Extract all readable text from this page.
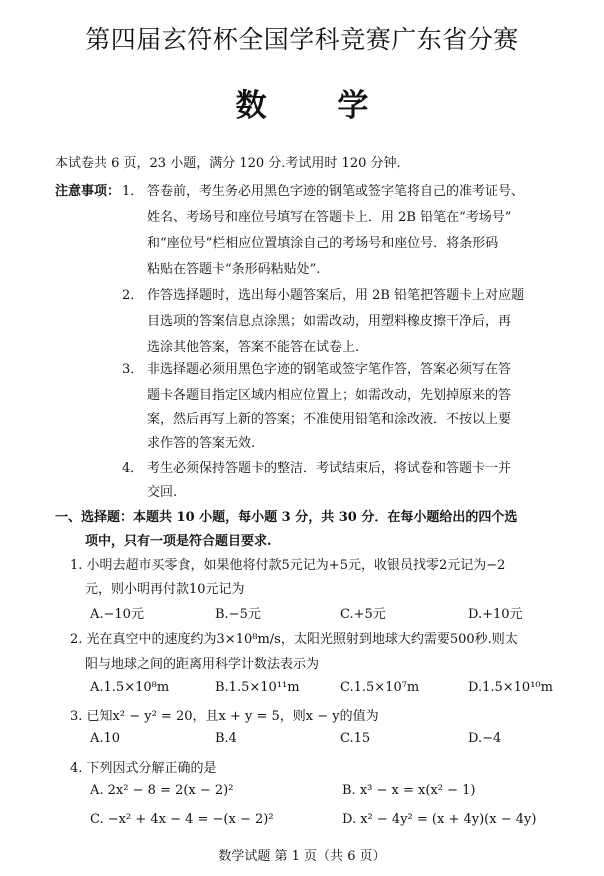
第四届玄符杯全国学科竞赛广东省分赛
数 学
本试卷共 6 页，23 小题，满分 120 分.考试用时 120 分钟.
注意事项： 1． 答卷前，考生务必用黑色字迹的钢笔或签字笔将自己的准考证号、
姓名、考场号和座位号填写在答题卡上．用 2B 铅笔在“考场号”
和“座位号”栏相应位置填涂自己的考场号和座位号．将条形码
粘贴在答题卡“条形码粘贴处”.
2． 作答选择题时，选出每小题答案后，用 2B 铅笔把答题卡上对应题
目选项的答案信息点涂黑；如需改动，用塑料橡皮擦干净后，再
选涂其他答案，答案不能答在试卷上.
3． 非选择题必须用黑色字迹的钢笔或签字笔作答，答案必须写在答
题卡各题目指定区域内相应位置上；如需改动，先划掉原来的答
案，然后再写上新的答案；不准使用铅笔和涂改液．不按以上要
求作答的答案无效.
4． 考生必须保持答题卡的整洁．考试结束后，将试卷和答题卡一并
交回.
一、选择题：本题共 10 小题，每小题 3 分，共 30 分．在每小题给出的四个选
项中，只有一项是符合题目要求.
1. 小明去超市买零食，如果他将付款5元记为+5元，收银员找零2元记为−2
元，则小明再付款10元记为
A.−10元	B.−5元	C.+5元	D.+10元
2. 光在真空中的速度约为3×10⁸m/s，太阳光照射到地球大约需要500秒.则太
阳与地球之间的距离用科学计数法表示为
A.1.5×10⁸m	B.1.5×10¹¹m	C.1.5×10⁷m	D.1.5×10¹⁰m
3. 已知x² − y² = 20，且x + y = 5，则x − y的值为
A.10	B.4	C.15	D.−4
4. 下列因式分解正确的是
A. 2x² − 8 = 2(x − 2)²	B. x³ − x = x(x² − 1)
C. −x² + 4x − 4 = −(x − 2)²	D. x² − 4y² = (x + 4y)(x − 4y)
数学试题 第 1 页（共 6 页）
